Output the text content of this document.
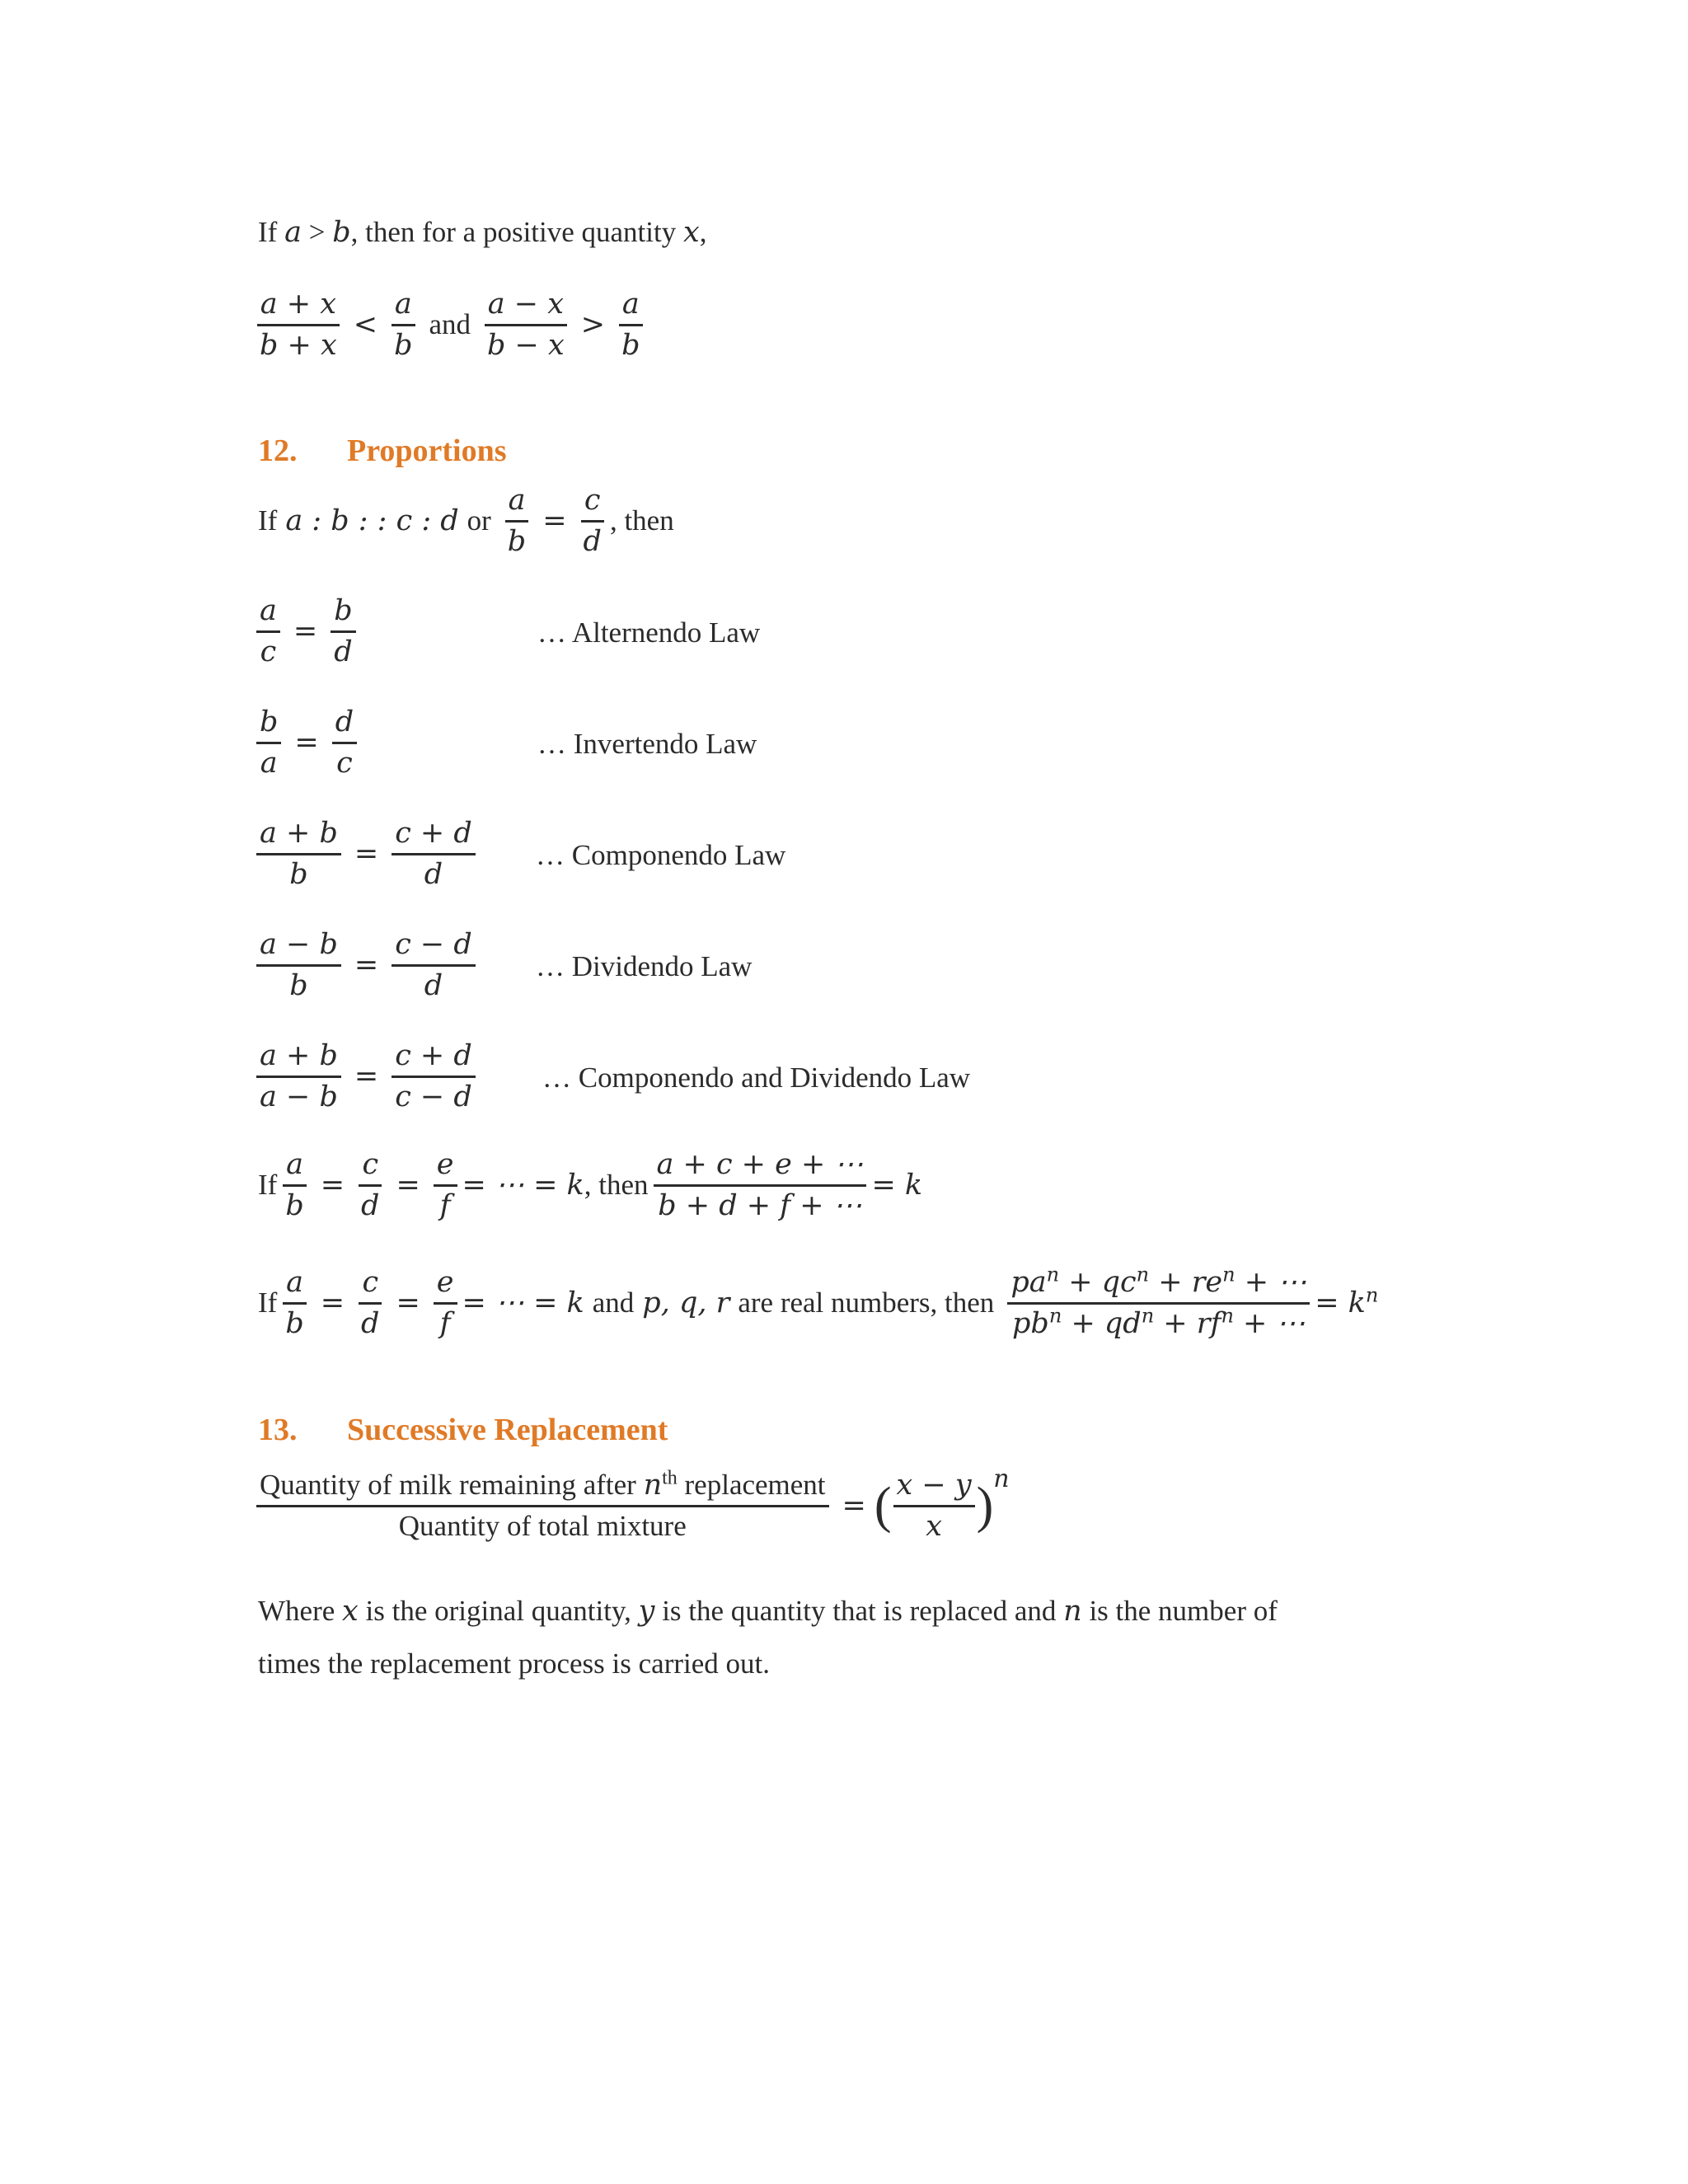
If a > b, then for a positive quantity x,
$\frac{a + x}{b + x} < \frac{a}{b}$ and $\frac{a - x}{b - x} > \frac{a}{b}$
12. Proportions
If a : b : : c : d or $\frac{a}{b} = \frac{c}{d}$ , then
$\frac{a}{c} = \frac{b}{d}$	… Alternendo Law
$\frac{b}{a} = \frac{d}{c}$	… Invertendo Law
$\frac{a + b}{b} = \frac{c + d}{d}$ … Componendo Law
$\frac{a - b}{b} = \frac{c - d}{d}$ … Dividendo Law
$\frac{a + b}{a - b} = \frac{c + d}{c - d}$ … Componendo and Dividendo Law
If $\frac{a}{b} = \frac{c}{d} = \frac{e}{f}$ = ⋯ = k , then $\frac{a + c + e + \cdots}{b + d + f + \cdots} = k$
If $\frac{a}{b} = \frac{c}{d} = \frac{e}{f}$ = ⋯ = k and p, q, r are real numbers, then $\frac{pa^n + qc^n + re^n + \cdots}{pb^n + qd^n + rf^n + \cdots} = k^n$
13. Successive Replacement
$\frac{Quantity of milk remaining after n^{th} replacement}{\text{Quantity of total mixture}}$ = ( $\frac{x - y}{x}$ ) n
Where x is the original quantity, y is the quantity that is replaced and n is the number of
times the replacement process is carried out.
